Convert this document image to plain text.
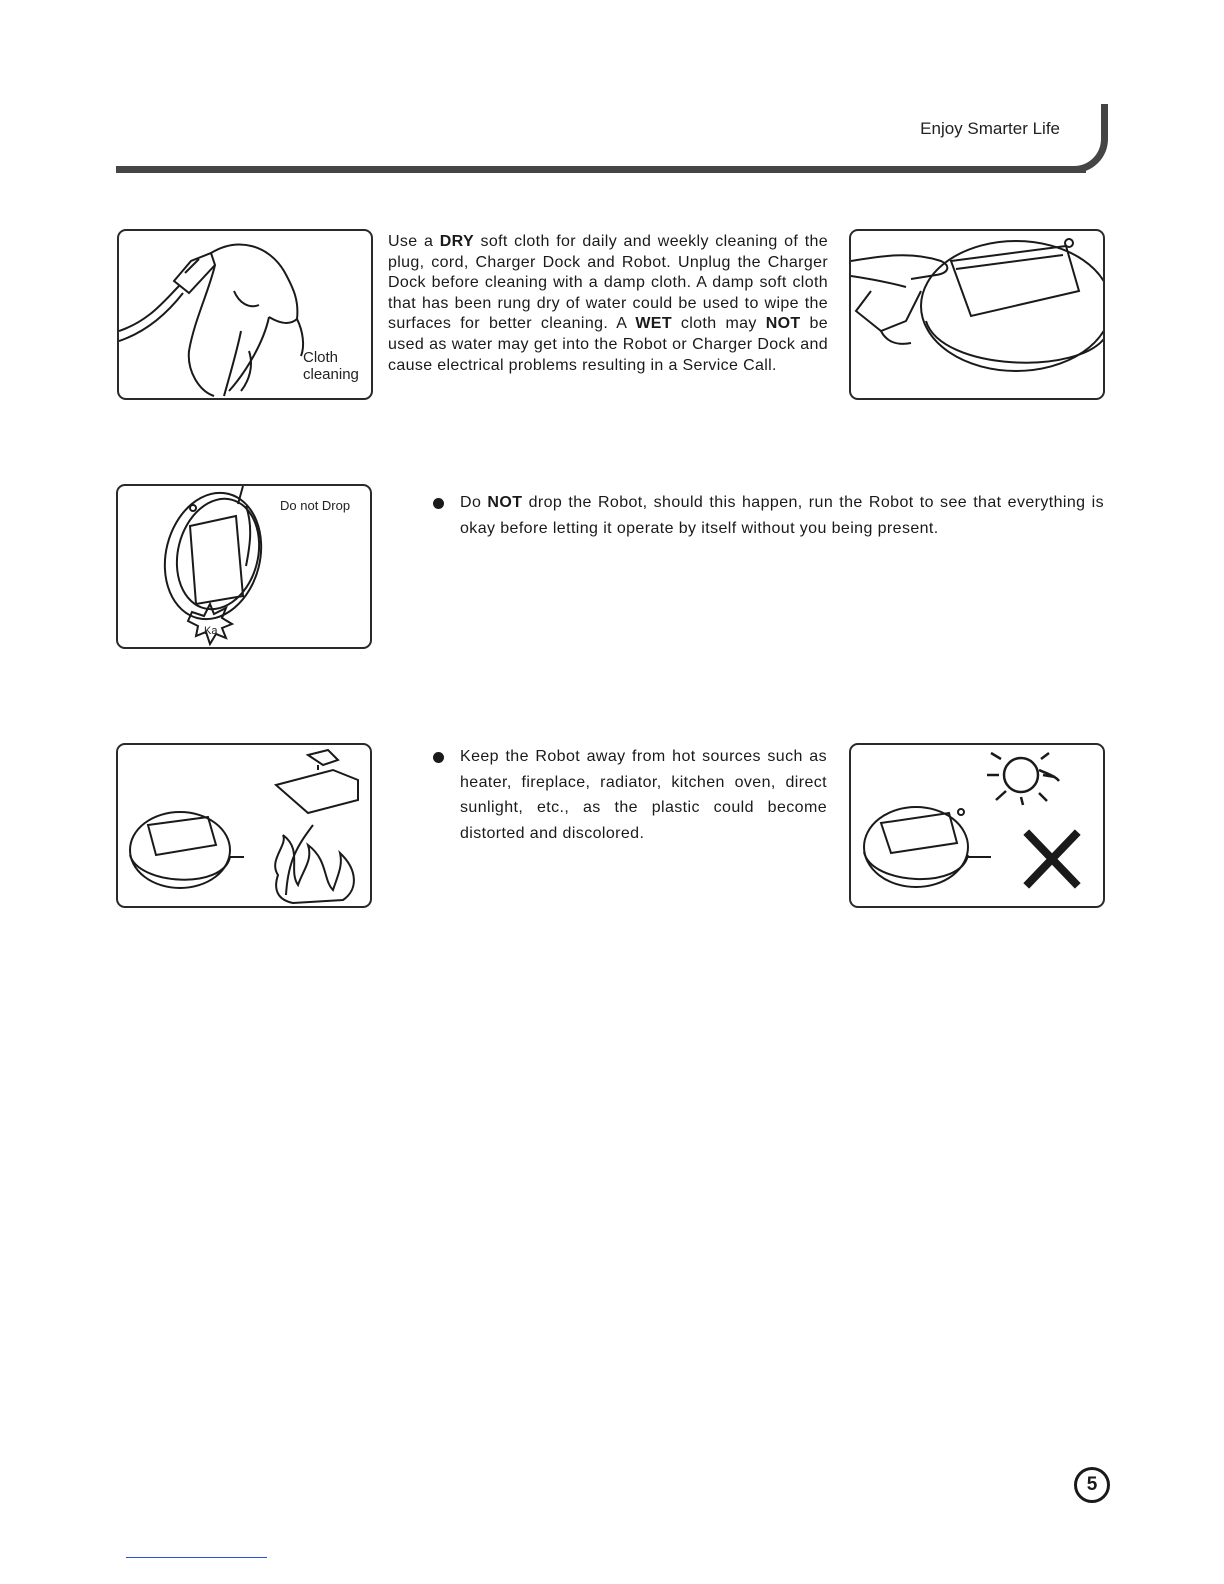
Enjoy Smarter Life
Cloth
cleaning
Use a DRY soft cloth for daily and weekly cleaning of the plug, cord, Charger Dock and Robot. Unplug the Charger Dock before cleaning with a damp cloth. A damp soft cloth that has been rung dry of water could be used to wipe the surfaces for better cleaning. A WET cloth may NOT be used as water may get into the Robot or Charger Dock and cause electrical problems resulting in a Service Call.
Do not Drop
Ka
Do NOT drop the Robot, should this happen, run the Robot to see that everything is okay before letting it operate by itself without you being present.
Keep the Robot away from hot sources such as heater, fireplace, radiator, kitchen oven, direct sunlight, etc., as the plastic could become distorted and discolored.
5
